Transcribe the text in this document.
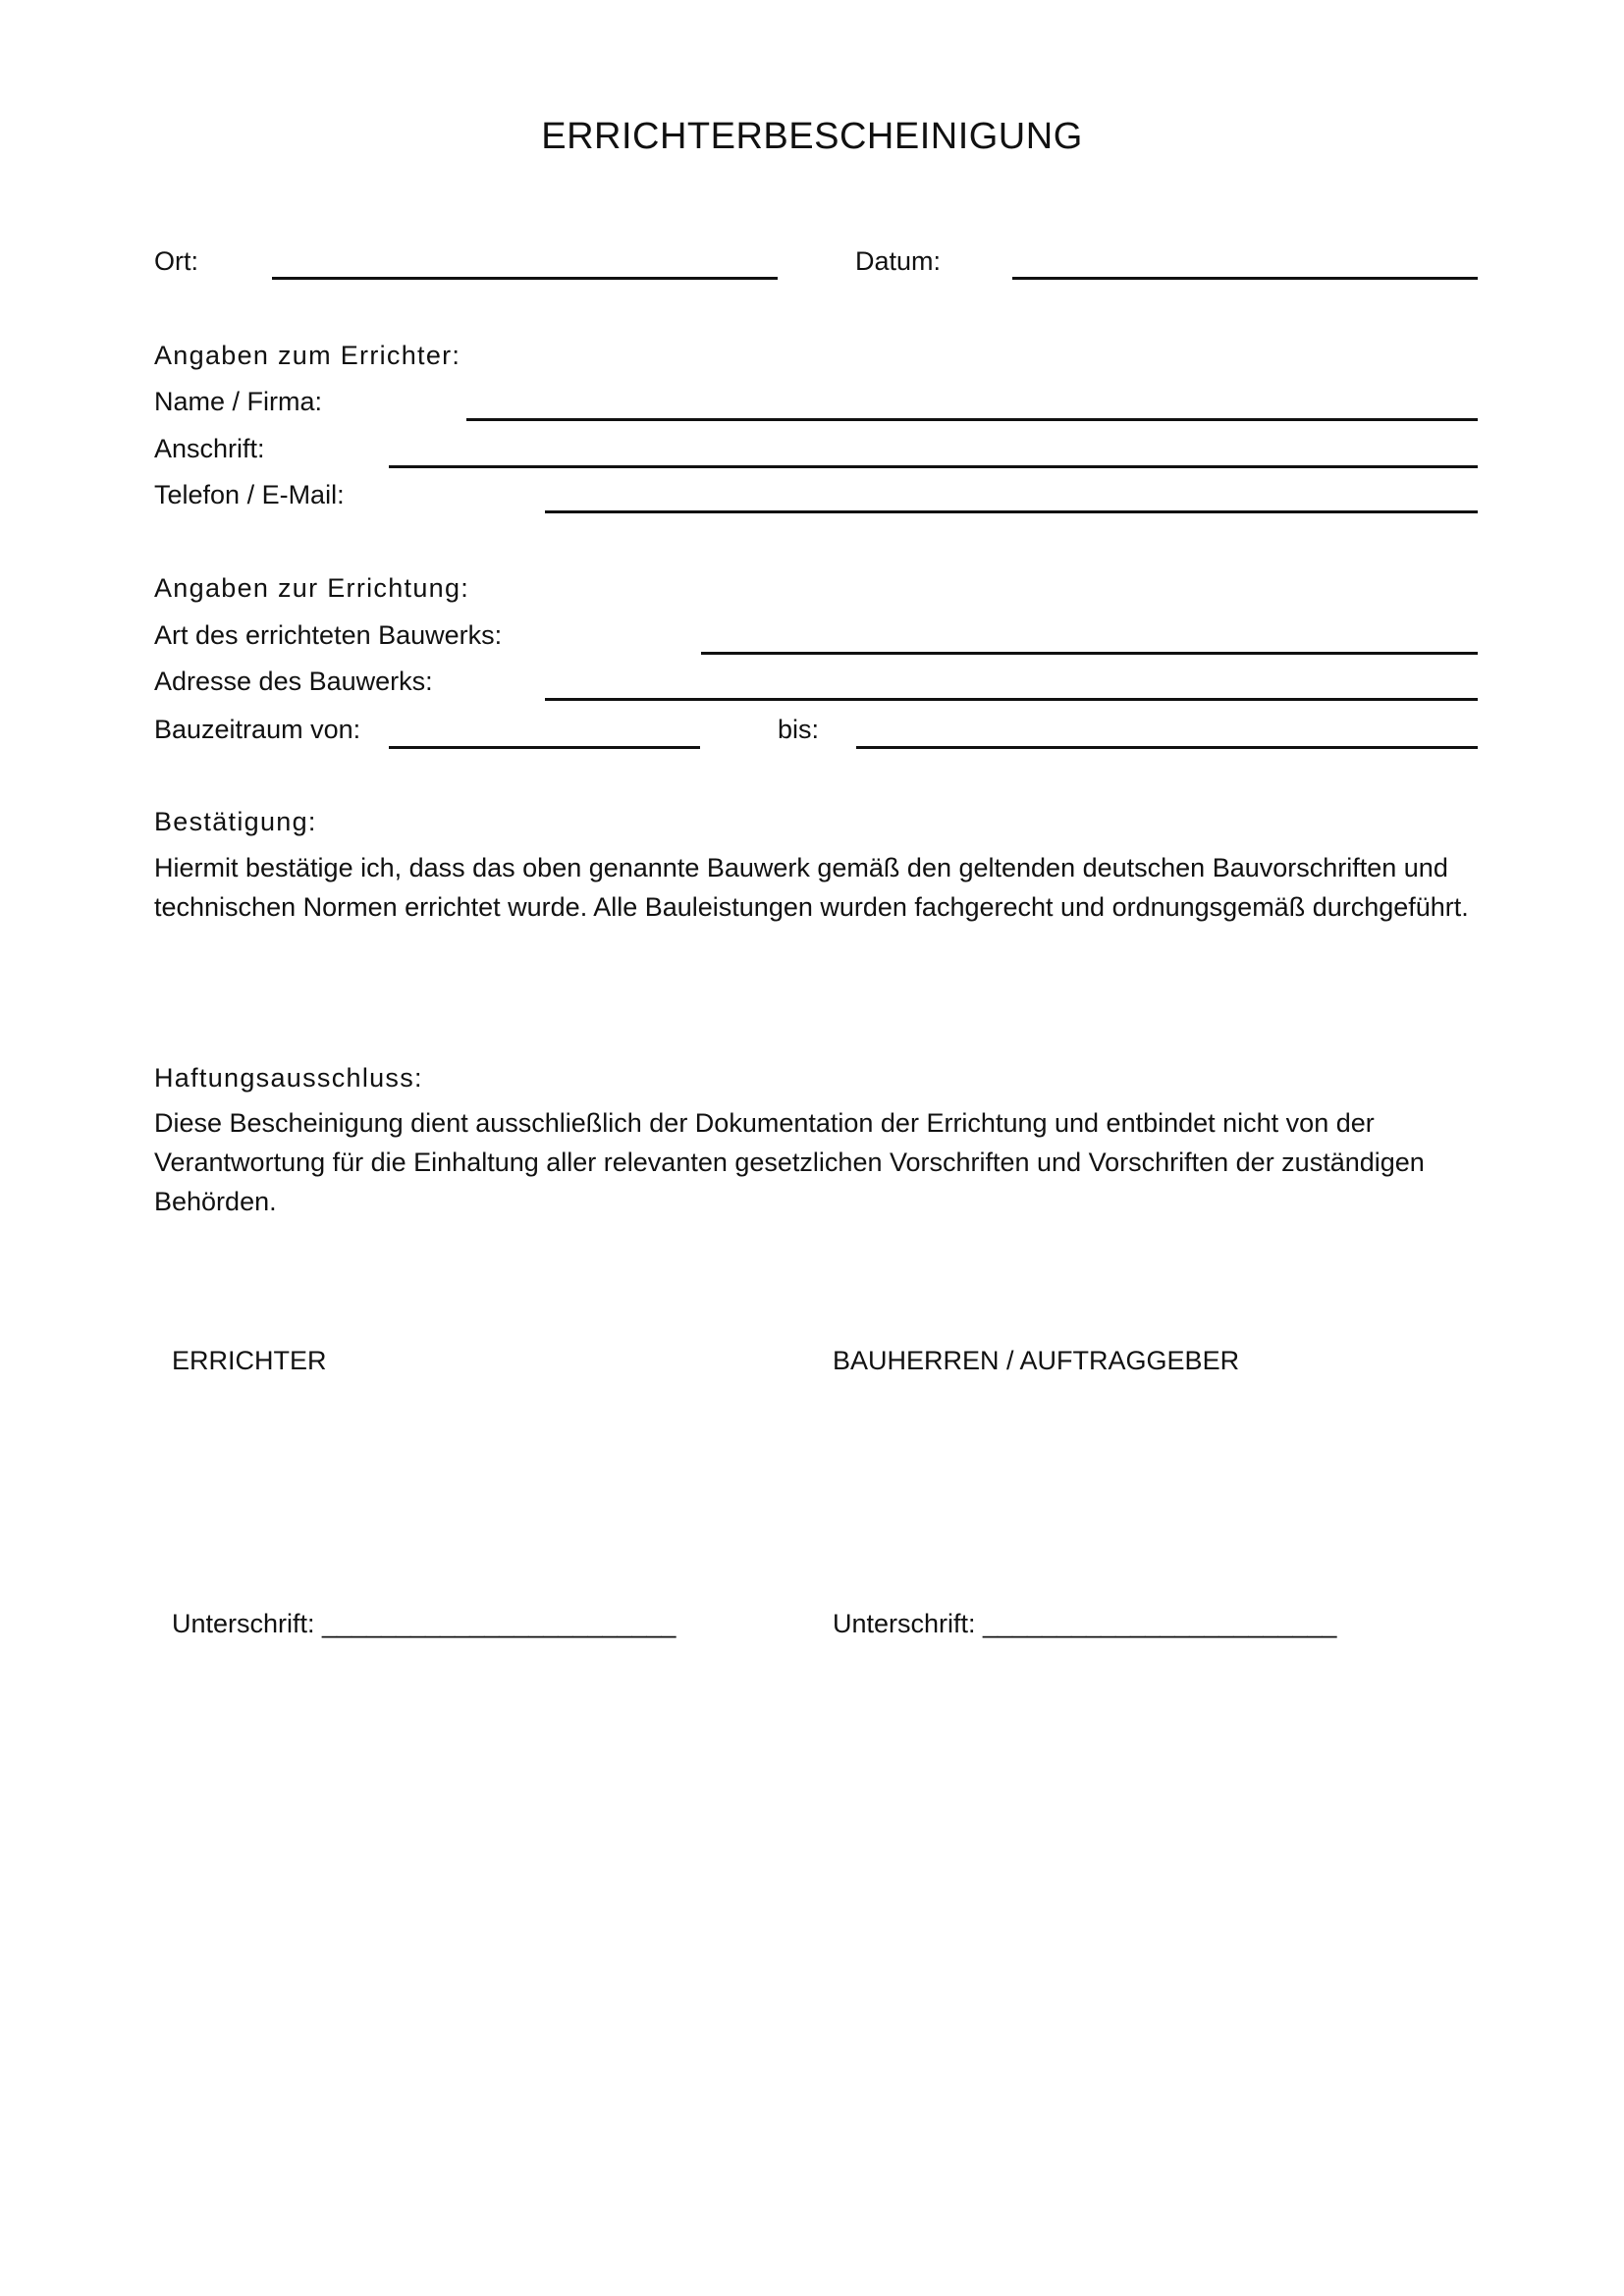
ERRICHTERBESCHEINIGUNG
Ort:	Datum:
Angaben zum Errichter:
Name / Firma:
Anschrift:
Telefon / E-Mail:
Angaben zur Errichtung:
Art des errichteten Bauwerks:
Adresse des Bauwerks:
Bauzeitraum von:	bis:
Bestätigung:
Hiermit bestätige ich, dass das oben genannte Bauwerk gemäß den geltenden deutschen Bauvorschriften und technischen Normen errichtet wurde. Alle Bauleistungen wurden fachgerecht und ordnungsgemäß durchgeführt.
Haftungsausschluss:
Diese Bescheinigung dient ausschließlich der Dokumentation der Errichtung und entbindet nicht von der Verantwortung für die Einhaltung aller relevanten gesetzlichen Vorschriften und Vorschriften der zuständigen Behörden.
ERRICHTER	BAUHERREN / AUFTRAGGEBER
Unterschrift: ________________________	Unterschrift: ________________________
